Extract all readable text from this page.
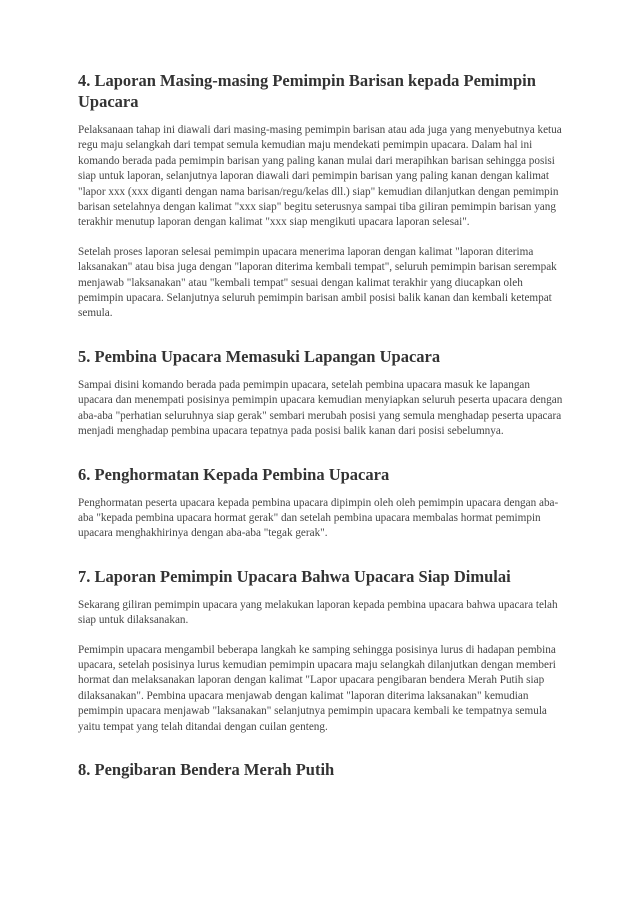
4. Laporan Masing-masing Pemimpin Barisan kepada Pemimpin Upacara

Pelaksanaan tahap ini diawali dari masing-masing pemimpin barisan atau ada juga yang menyebutnya ketua regu maju selangkah dari tempat semula kemudian maju mendekati pemimpin upacara. Dalam hal ini komando berada pada pemimpin barisan yang paling kanan mulai dari merapihkan barisan sehingga posisi siap untuk laporan, selanjutnya laporan diawali dari pemimpin barisan yang paling kanan dengan kalimat "lapor xxx (xxx diganti dengan nama barisan/regu/kelas dll.) siap" kemudian dilanjutkan dengan pemimpin barisan setelahnya dengan kalimat "xxx siap" begitu seterusnya sampai tiba giliran pemimpin barisan yang terakhir menutup laporan dengan kalimat "xxx siap mengikuti upacara laporan selesai".

Setelah proses laporan selesai pemimpin upacara menerima laporan dengan kalimat "laporan diterima laksanakan" atau bisa juga dengan "laporan diterima kembali tempat", seluruh pemimpin barisan serempak menjawab "laksanakan" atau "kembali tempat" sesuai dengan kalimat terakhir yang diucapkan oleh pemimpin upacara. Selanjutnya seluruh pemimpin barisan ambil posisi balik kanan dan kembali ketempat semula.

5. Pembina Upacara Memasuki Lapangan Upacara

Sampai disini komando berada pada pemimpin upacara, setelah pembina upacara masuk ke lapangan upacara dan menempati posisinya pemimpin upacara kemudian menyiapkan seluruh peserta upacara dengan aba-aba "perhatian seluruhnya siap gerak" sembari merubah posisi yang semula menghadap peserta upacara menjadi menghadap pembina upacara tepatnya pada posisi balik kanan dari posisi sebelumnya.

6. Penghormatan Kepada Pembina Upacara

Penghormatan peserta upacara kepada pembina upacara dipimpin oleh oleh pemimpin upacara dengan aba-aba "kepada pembina upacara hormat gerak" dan setelah pembina upacara membalas hormat pemimpin upacara menghakhirinya dengan aba-aba "tegak gerak".

7. Laporan Pemimpin Upacara Bahwa Upacara Siap Dimulai

Sekarang giliran pemimpin upacara yang melakukan laporan kepada pembina upacara bahwa upacara telah siap untuk dilaksanakan.

Pemimpin upacara mengambil beberapa langkah ke samping sehingga posisinya lurus di hadapan pembina upacara, setelah posisinya lurus kemudian pemimpin upacara maju selangkah dilanjutkan dengan memberi hormat dan melaksanakan laporan dengan kalimat "Lapor upacara pengibaran bendera Merah Putih siap dilaksanakan". Pembina upacara menjawab dengan kalimat "laporan diterima laksanakan" kemudian pemimpin upacara menjawab "laksanakan" selanjutnya pemimpin upacara kembali ke tempatnya semula yaitu tempat yang telah ditandai dengan cuilan genteng.

8. Pengibaran Bendera Merah Putih
